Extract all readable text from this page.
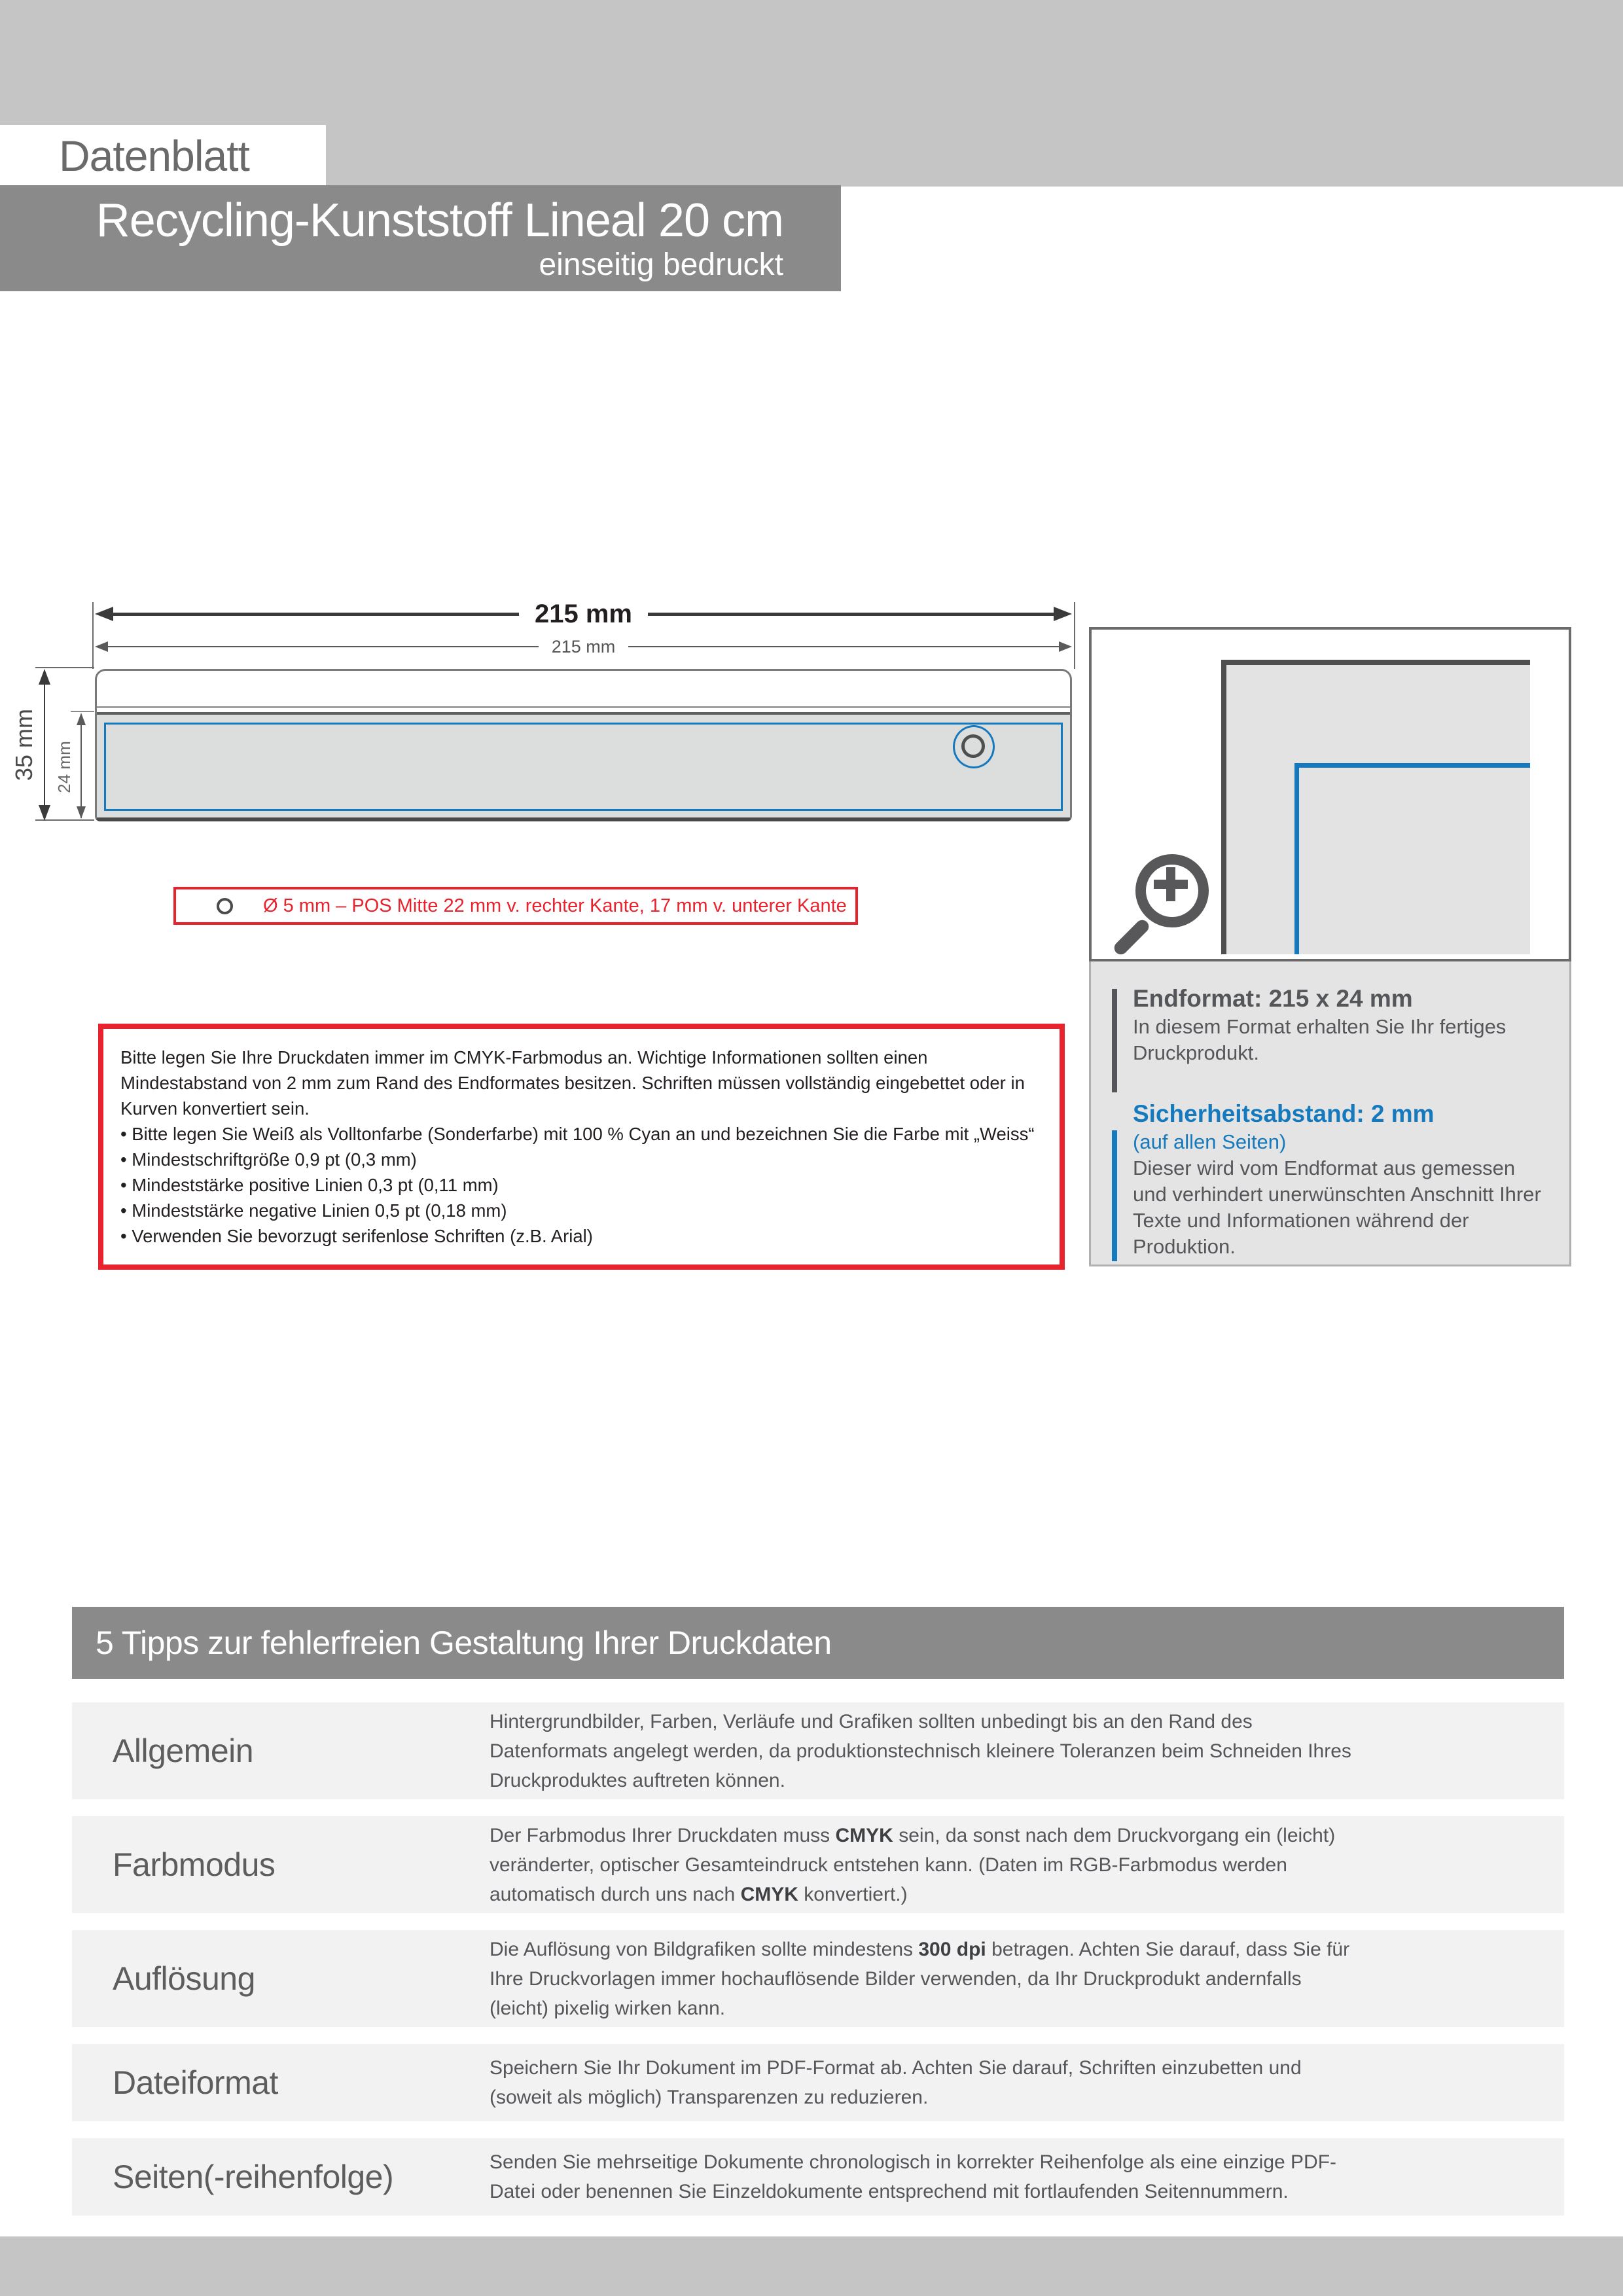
Datenblatt
Recycling-Kunststoff Lineal 20 cm
einseitig bedruckt
215 mm
215 mm
35 mm 24 mm
Ø 5 mm – POS Mitte 22 mm v. rechter Kante, 17 mm v. unterer Kante
Bitte legen Sie Ihre Druckdaten immer im CMYK-Farbmodus an. Wichtige Informationen sollten einen Mindestabstand von 2 mm zum Rand des Endformates besitzen. Schriften müssen vollständig eingebettet oder in Kurven konvertiert sein.
• Bitte legen Sie Weiß als Volltonfarbe (Sonderfarbe) mit 100 % Cyan an und bezeichnen Sie die Farbe mit „Weiss“
• Mindestschriftgröße 0,9 pt (0,3 mm)
• Mindeststärke positive Linien 0,3 pt (0,11 mm)
• Mindeststärke negative Linien 0,5 pt (0,18 mm)
• Verwenden Sie bevorzugt serifenlose Schriften (z.B. Arial)
Endformat: 215 x 24 mm
In diesem Format erhalten Sie Ihr fertiges Druckprodukt.
Sicherheitsabstand: 2 mm
(auf allen Seiten)
Dieser wird vom Endformat aus gemessen und verhindert unerwünschten Anschnitt Ihrer Texte und Informationen während der Produktion.
5 Tipps zur fehlerfreien Gestaltung Ihrer Druckdaten
Allgemein
Hintergrundbilder, Farben, Verläufe und Grafiken sollten unbedingt bis an den Rand des Datenformats angelegt werden, da produktionstechnisch kleinere Toleranzen beim Schneiden Ihres Druckproduktes auftreten können.
Farbmodus
Der Farbmodus Ihrer Druckdaten muss CMYK sein, da sonst nach dem Druckvorgang ein (leicht) veränderter, optischer Gesamteindruck entstehen kann. (Daten im RGB-Farbmodus werden automatisch durch uns nach CMYK konvertiert.)
Auflösung
Die Auflösung von Bildgrafiken sollte mindestens 300 dpi betragen. Achten Sie darauf, dass Sie für Ihre Druckvorlagen immer hochauflösende Bilder verwenden, da Ihr Druckprodukt andernfalls (leicht) pixelig wirken kann.
Dateiformat	Speichern Sie Ihr Dokument im PDF-Format ab. Achten Sie darauf, Schriften einzubetten und (soweit als möglich) Transparenzen zu reduzieren.
Seiten(-reihenfolge)	Senden Sie mehrseitige Dokumente chronologisch in korrekter Reihenfolge als eine einzige PDF-Datei oder benennen Sie Einzeldokumente entsprechend mit fortlaufenden Seitennummern.
